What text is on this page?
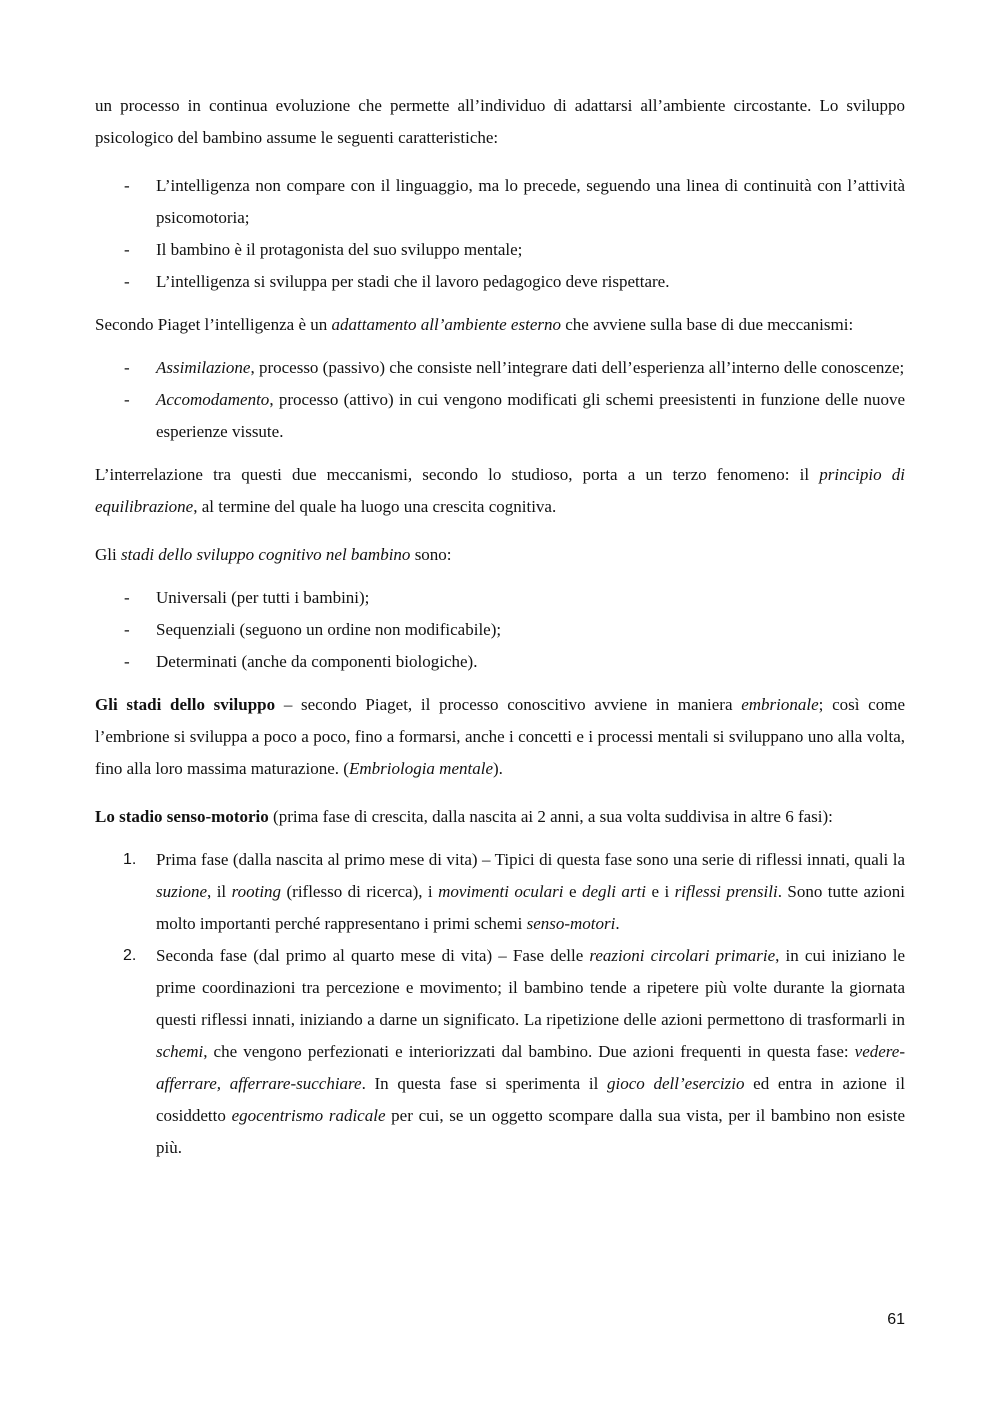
un processo in continua evoluzione che permette all’individuo di adattarsi all’ambiente circostante. Lo sviluppo psicologico del bambino assume le seguenti caratteristiche:

- L’intelligenza non compare con il linguaggio, ma lo precede, seguendo una linea di continuità con l’attività psicomotoria;
- Il bambino è il protagonista del suo sviluppo mentale;
- L’intelligenza si sviluppa per stadi che il lavoro pedagogico deve rispettare.

Secondo Piaget l’intelligenza è un adattamento all’ambiente esterno che avviene sulla base di due meccanismi:

- Assimilazione, processo (passivo) che consiste nell’integrare dati dell’esperienza all’interno delle conoscenze;
- Accomodamento, processo (attivo) in cui vengono modificati gli schemi preesistenti in funzione delle nuove esperienze vissute.

L’interrelazione tra questi due meccanismi, secondo lo studioso, porta a un terzo fenomeno: il principio di equilibrazione, al termine del quale ha luogo una crescita cognitiva.

Gli stadi dello sviluppo cognitivo nel bambino sono:

- Universali (per tutti i bambini);
- Sequenziali (seguono un ordine non modificabile);
- Determinati (anche da componenti biologiche).

Gli stadi dello sviluppo – secondo Piaget, il processo conoscitivo avviene in maniera embrionale; così come l’embrione si sviluppa a poco a poco, fino a formarsi, anche i concetti e i processi mentali si sviluppano uno alla volta, fino alla loro massima maturazione. (Embriologia mentale).

Lo stadio senso-motorio (prima fase di crescita, dalla nascita ai 2 anni, a sua volta suddivisa in altre 6 fasi):

1. Prima fase (dalla nascita al primo mese di vita) – Tipici di questa fase sono una serie di riflessi innati, quali la suzione, il rooting (riflesso di ricerca), i movimenti oculari e degli arti e i riflessi prensili. Sono tutte azioni molto importanti perché rappresentano i primi schemi senso-motori.
2. Seconda fase (dal primo al quarto mese di vita) – Fase delle reazioni circolari primarie, in cui iniziano le prime coordinazioni tra percezione e movimento; il bambino tende a ripetere più volte durante la giornata questi riflessi innati, iniziando a darne un significato. La ripetizione delle azioni permettono di trasformarli in schemi, che vengono perfezionati e interiorizzati dal bambino. Due azioni frequenti in questa fase: vedere-afferrare, afferrare-succhiare. In questa fase si sperimenta il gioco dell’esercizio ed entra in azione il cosiddetto egocentrismo radicale per cui, se un oggetto scompare dalla sua vista, per il bambino non esiste più.
61
